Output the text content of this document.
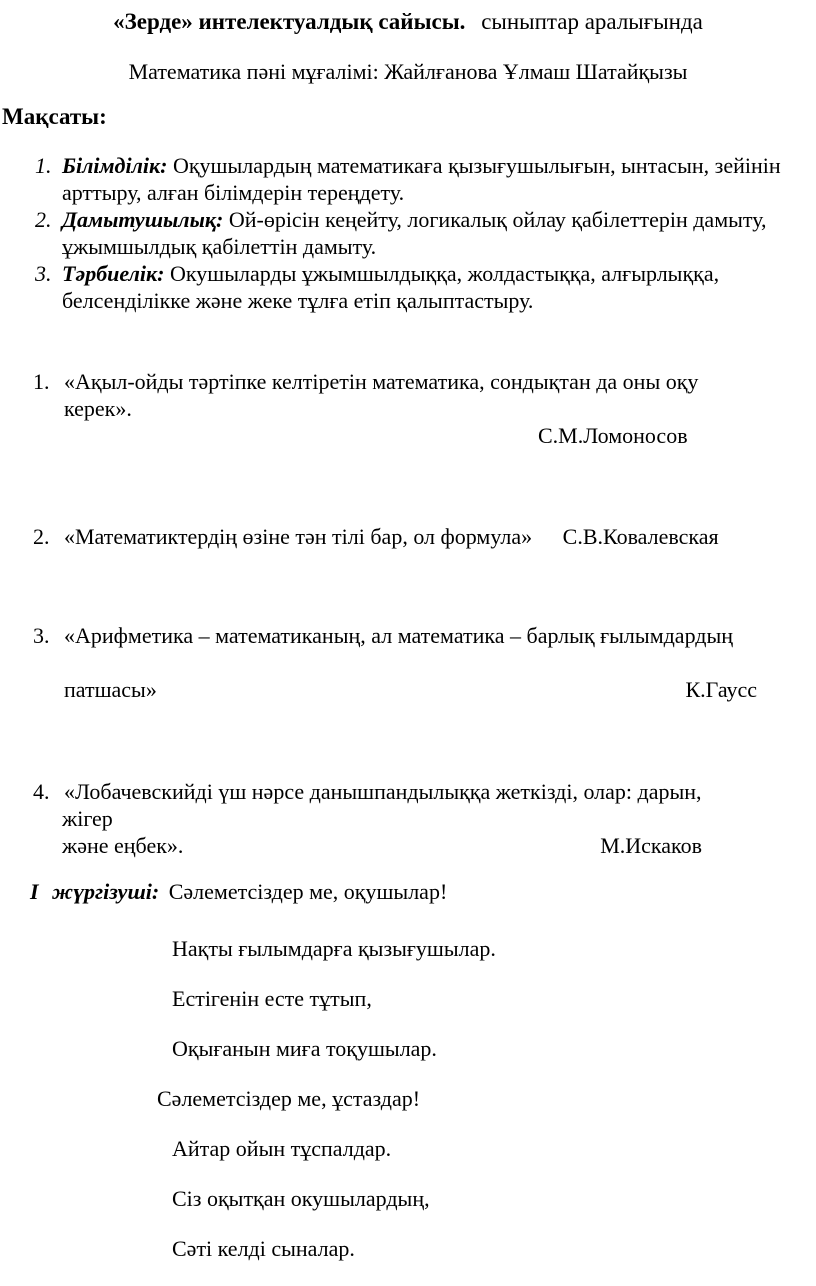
«Зерде» интелектуалдық сайысы. сыныптар аралығында
Математика пәні мұғалімі: Жайлғанова Ұлмаш Шатайқызы
Мақсаты:
1. Білімділік: Оқушылардың математикаға қызығушылығын, ынтасын, зейінін арттыру, алған білімдерін тереңдету.
2. Дамытушылық: Ой-өрісін кеңейту, логикалық ойлау қабілеттерін дамыту, ұжымшылдық қабілеттін дамыту.
3. Тәрбиелік: Окушыларды ұжымшылдыққа, жолдастыққа, алғырлыққа, белсенділікке және жеке тұлға етіп қалыптастыру.
1. «Ақыл-ойды тәртіпке келтіретін математика, сондықтан да оны оқу керек».
С.М.Ломоносов
2. «Математиктердің өзіне тән тілі бар, ол формула» С.В.Ковалевская
3. «Арифметика – математиканың, ал математика – барлық ғылымдардың
патшасы»	К.Гаусс
4. «Лобачевскийді үш нәрсе данышпандылыққа жеткізді, олар: дарын,
жігер
және еңбек».	М.Искаков
I жүргізуші: Сәлеметсіздер ме, оқушылар!
Нақты ғылымдарға қызығушылар.
Естігенін есте тұтып,
Оқығанын миға тоқушылар.
Сәлеметсіздер ме, ұстаздар!
Айтар ойын тұспалдар.
Сіз оқытқан окушылардың,
Сәті келді сыналар.
